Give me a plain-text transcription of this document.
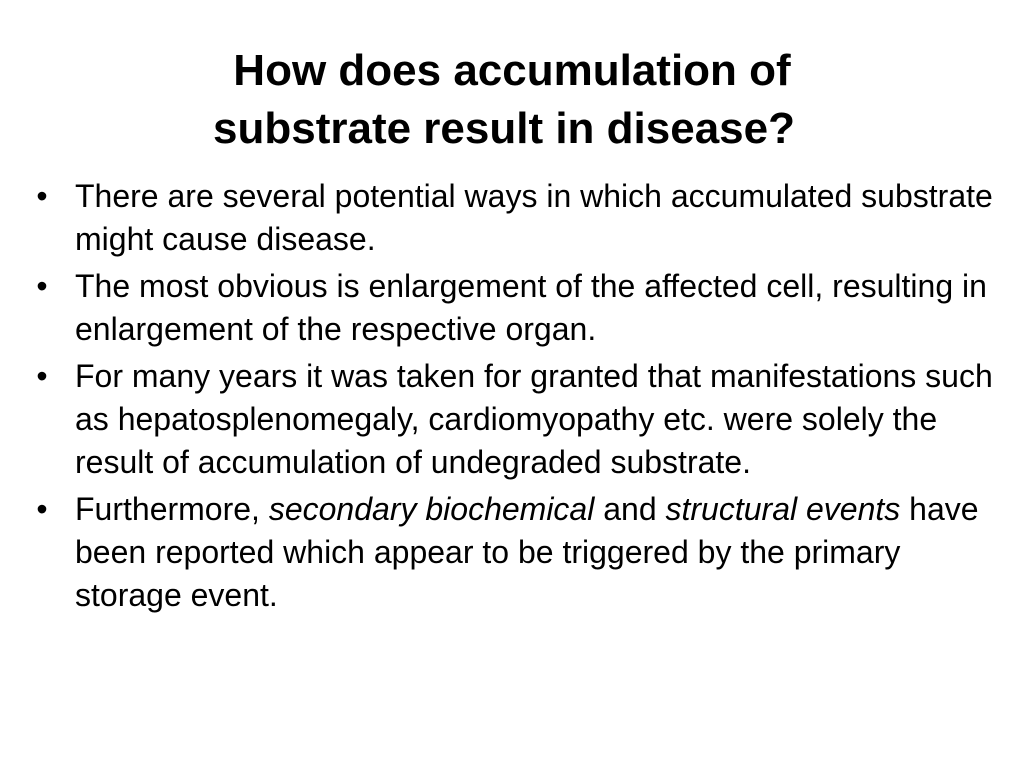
How does accumulation of
substrate result in disease?
• There are several potential ways in which accumulated substrate might cause disease.
• The most obvious is enlargement of the affected cell, resulting in enlargement of the respective organ.
• For many years it was taken for granted that manifestations such as hepatosplenomegaly, cardiomyopathy etc. were solely the result of accumulation of undegraded substrate.
• Furthermore, secondary biochemical and structural events have been reported which appear to be triggered by the primary storage event.
